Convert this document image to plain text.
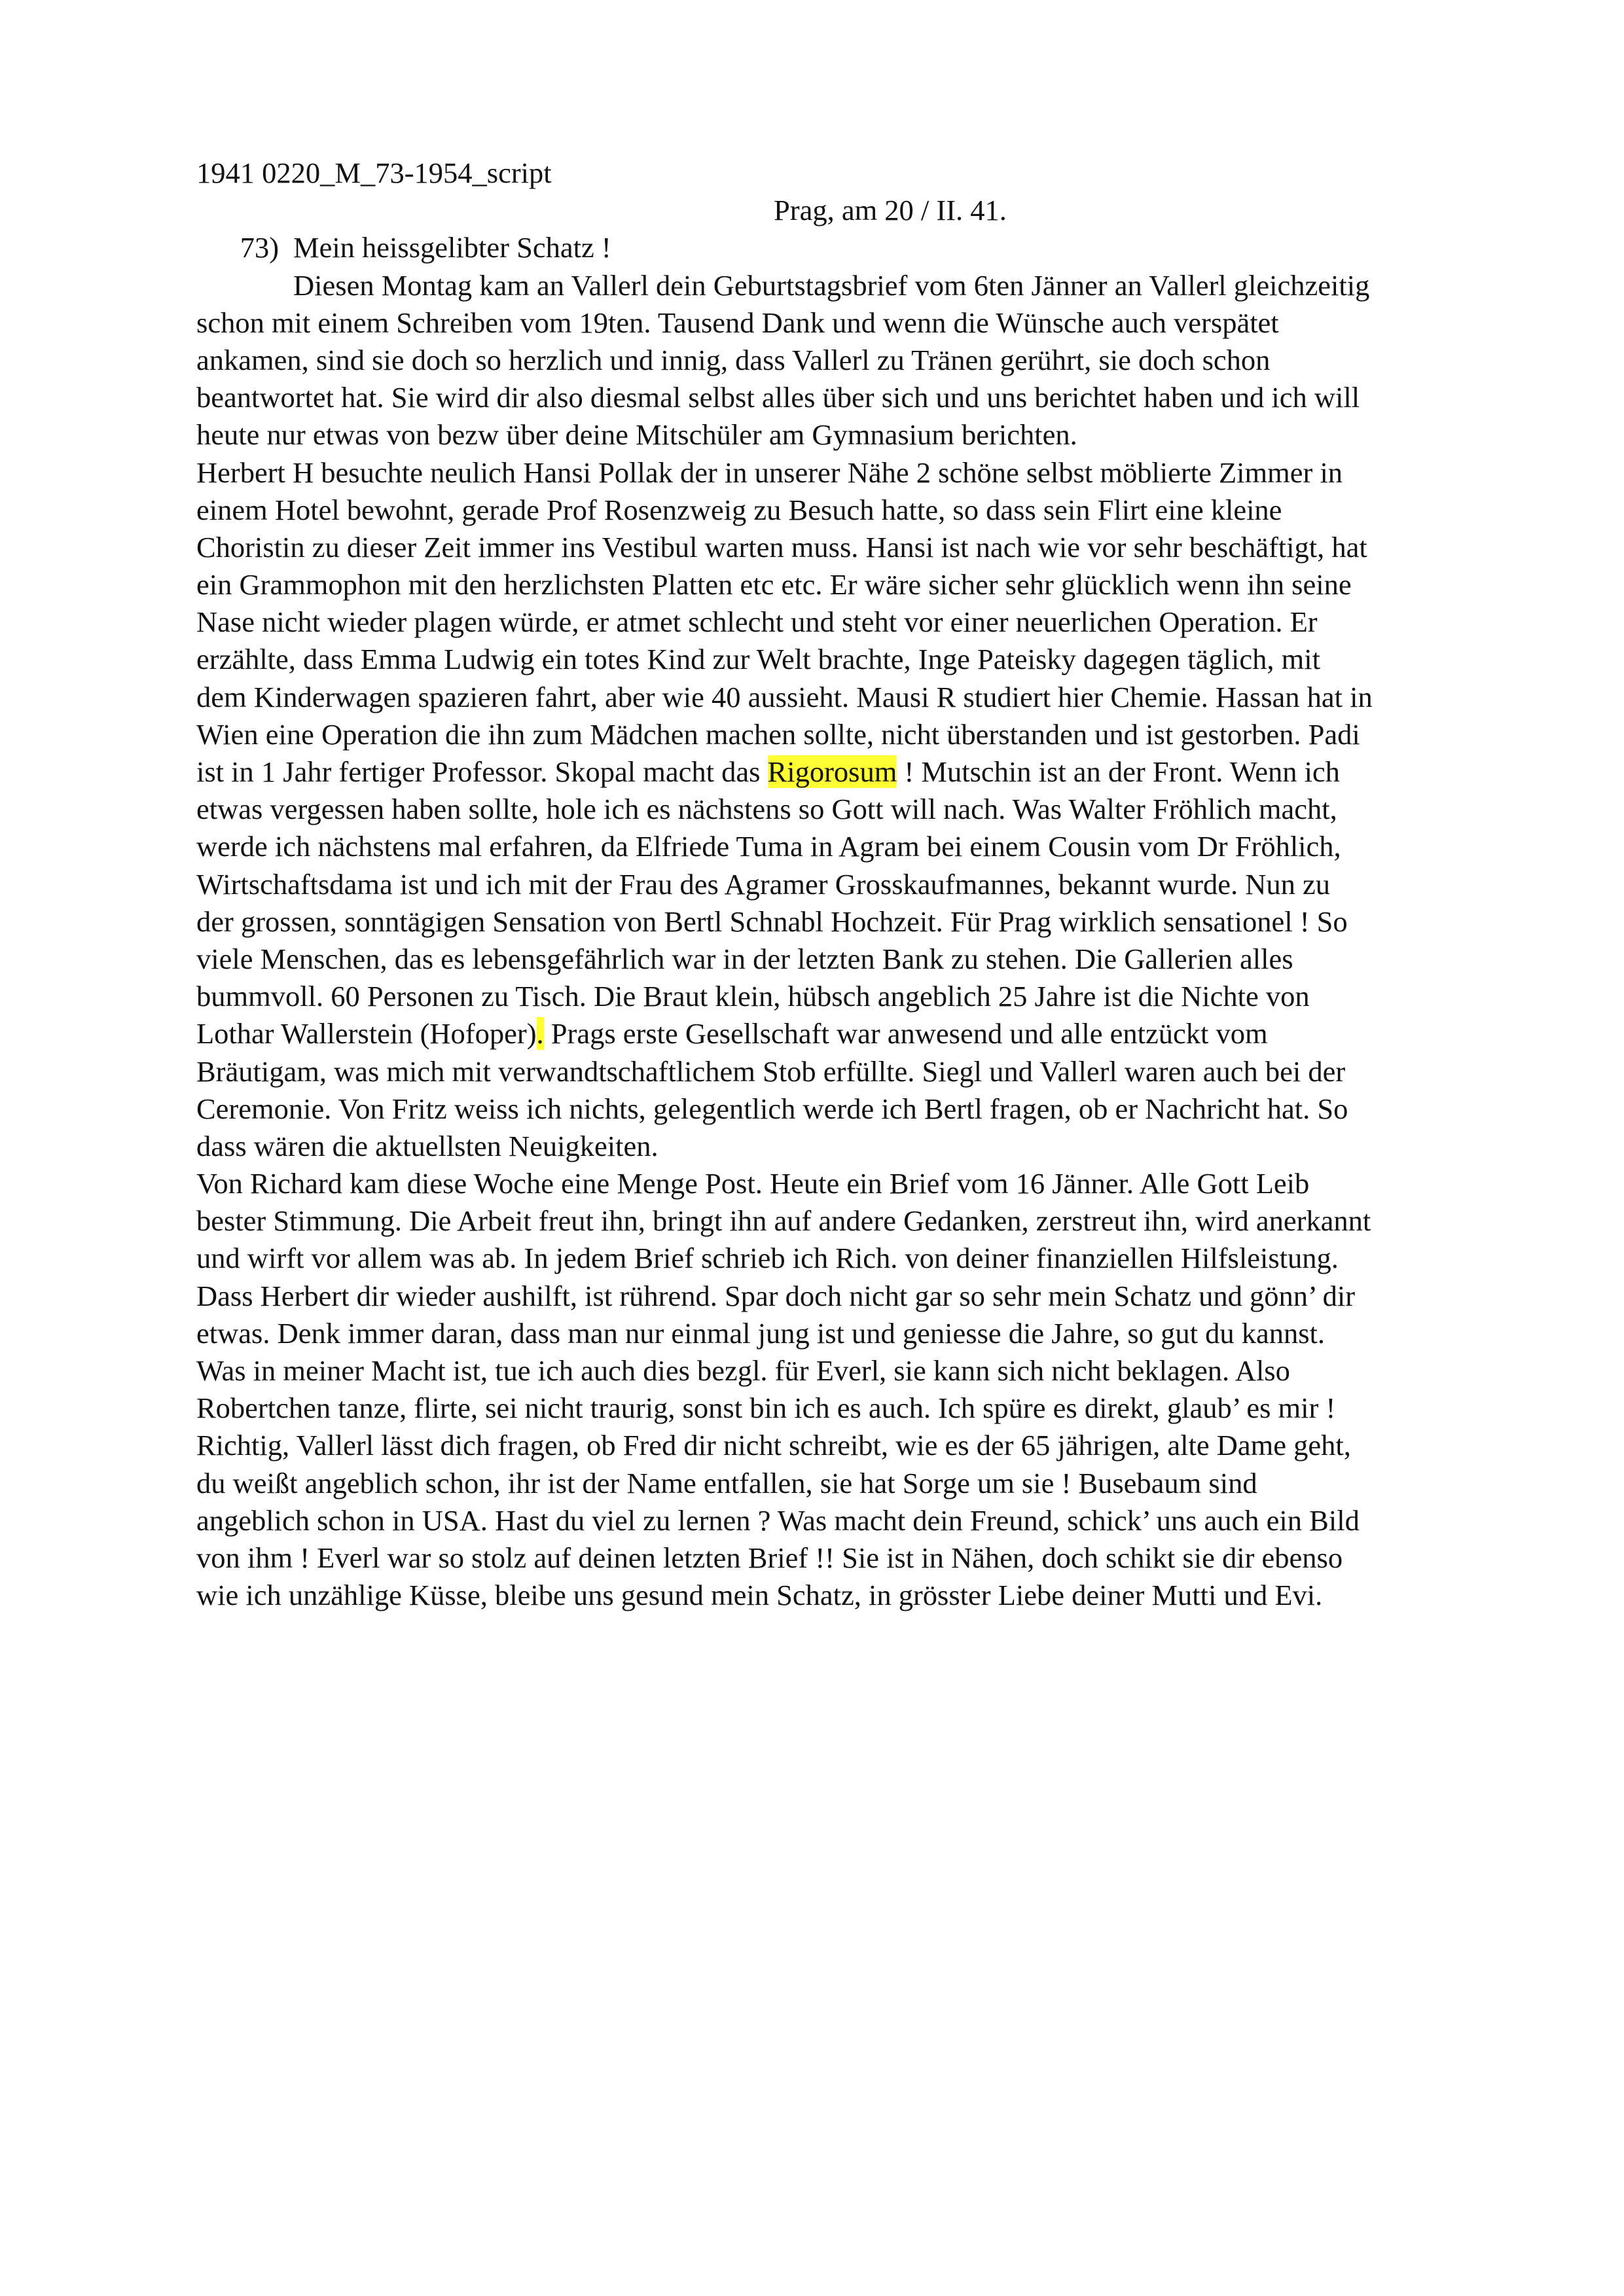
1941 0220_M_73-1954_script

73)

Prag, am 20 / II. 41.

Mein heissgelibter Schatz !
Diesen Montag kam an Vallerl dein Geburtstagsbrief vom 6ten Jänner an Vallerl gleichzeitig
schon mit einem Schreiben vom 19ten. Tausend Dank und wenn die Wünsche auch verspätet
ankamen, sind sie doch so herzlich und innig, dass Vallerl zu Tränen gerührt, sie doch schon
beantwortet hat. Sie wird dir also diesmal selbst alles über sich und uns berichtet haben und ich will
heute nur etwas von bezw über deine Mitschüler am Gymnasium berichten.
Herbert H besuchte neulich Hansi Pollak der in unserer Nähe 2 schöne selbst möblierte Zimmer in
einem Hotel bewohnt, gerade Prof Rosenzweig zu Besuch hatte, so dass sein Flirt eine kleine
Choristin zu dieser Zeit immer ins Vestibul warten muss. Hansi ist nach wie vor sehr beschäftigt, hat
ein Grammophon mit den herzlichsten Platten etc etc. Er wäre sicher sehr glücklich wenn ihn seine
Nase nicht wieder plagen würde, er atmet schlecht und steht vor einer neuerlichen Operation. Er
erzählte, dass Emma Ludwig ein totes Kind zur Welt brachte, Inge Pateisky dagegen täglich, mit
dem Kinderwagen spazieren fahrt, aber wie 40 aussieht. Mausi R studiert hier Chemie. Hassan hat in
Wien eine Operation die ihn zum Mädchen machen sollte, nicht überstanden und ist gestorben. Padi
ist in 1 Jahr fertiger Professor. Skopal macht das Rigorosum ! Mutschin ist an der Front. Wenn ich
etwas vergessen haben sollte, hole ich es nächstens so Gott will nach. Was Walter Fröhlich macht,
werde ich nächstens mal erfahren, da Elfriede Tuma in Agram bei einem Cousin vom Dr Fröhlich,
Wirtschaftsdama ist und ich mit der Frau des Agramer Grosskaufmannes, bekannt wurde. Nun zu
der grossen, sonntägigen Sensation von Bertl Schnabl Hochzeit. Für Prag wirklich sensationel ! So
viele Menschen, das es lebensgefährlich war in der letzten Bank zu stehen. Die Gallerien alles
bummvoll. 60 Personen zu Tisch. Die Braut klein, hübsch angeblich 25 Jahre ist die Nichte von
Lothar Wallerstein (Hofoper). Prags erste Gesellschaft war anwesend und alle entzückt vom
Bräutigam, was mich mit verwandtschaftlichem Stob erfüllte. Siegl und Vallerl waren auch bei der
Ceremonie. Von Fritz weiss ich nichts, gelegentlich werde ich Bertl fragen, ob er Nachricht hat. So
dass wären die aktuellsten Neuigkeiten.
Von Richard kam diese Woche eine Menge Post. Heute ein Brief vom 16 Jänner. Alle Gott Leib
bester Stimmung. Die Arbeit freut ihn, bringt ihn auf andere Gedanken, zerstreut ihn, wird anerkannt
und wirft vor allem was ab. In jedem Brief schrieb ich Rich. von deiner finanziellen Hilfsleistung.
Dass Herbert dir wieder aushilft, ist rührend. Spar doch nicht gar so sehr mein Schatz und gönn’ dir
etwas. Denk immer daran, dass man nur einmal jung ist und geniesse die Jahre, so gut du kannst.
Was in meiner Macht ist, tue ich auch dies bezgl. für Everl, sie kann sich nicht beklagen. Also
Robertchen tanze, flirte, sei nicht traurig, sonst bin ich es auch. Ich spüre es direkt, glaub’ es mir !
Richtig, Vallerl lässt dich fragen, ob Fred dir nicht schreibt, wie es der 65 jährigen, alte Dame geht,
du weißt angeblich schon, ihr ist der Name entfallen, sie hat Sorge um sie ! Busebaum sind
angeblich schon in USA. Hast du viel zu lernen ? Was macht dein Freund, schick’ uns auch ein Bild
von ihm ! Everl war so stolz auf deinen letzten Brief !! Sie ist in Nähen, doch schikt sie dir ebenso
wie ich unzählige Küsse, bleibe uns gesund mein Schatz, in grösster Liebe deiner Mutti und Evi.
